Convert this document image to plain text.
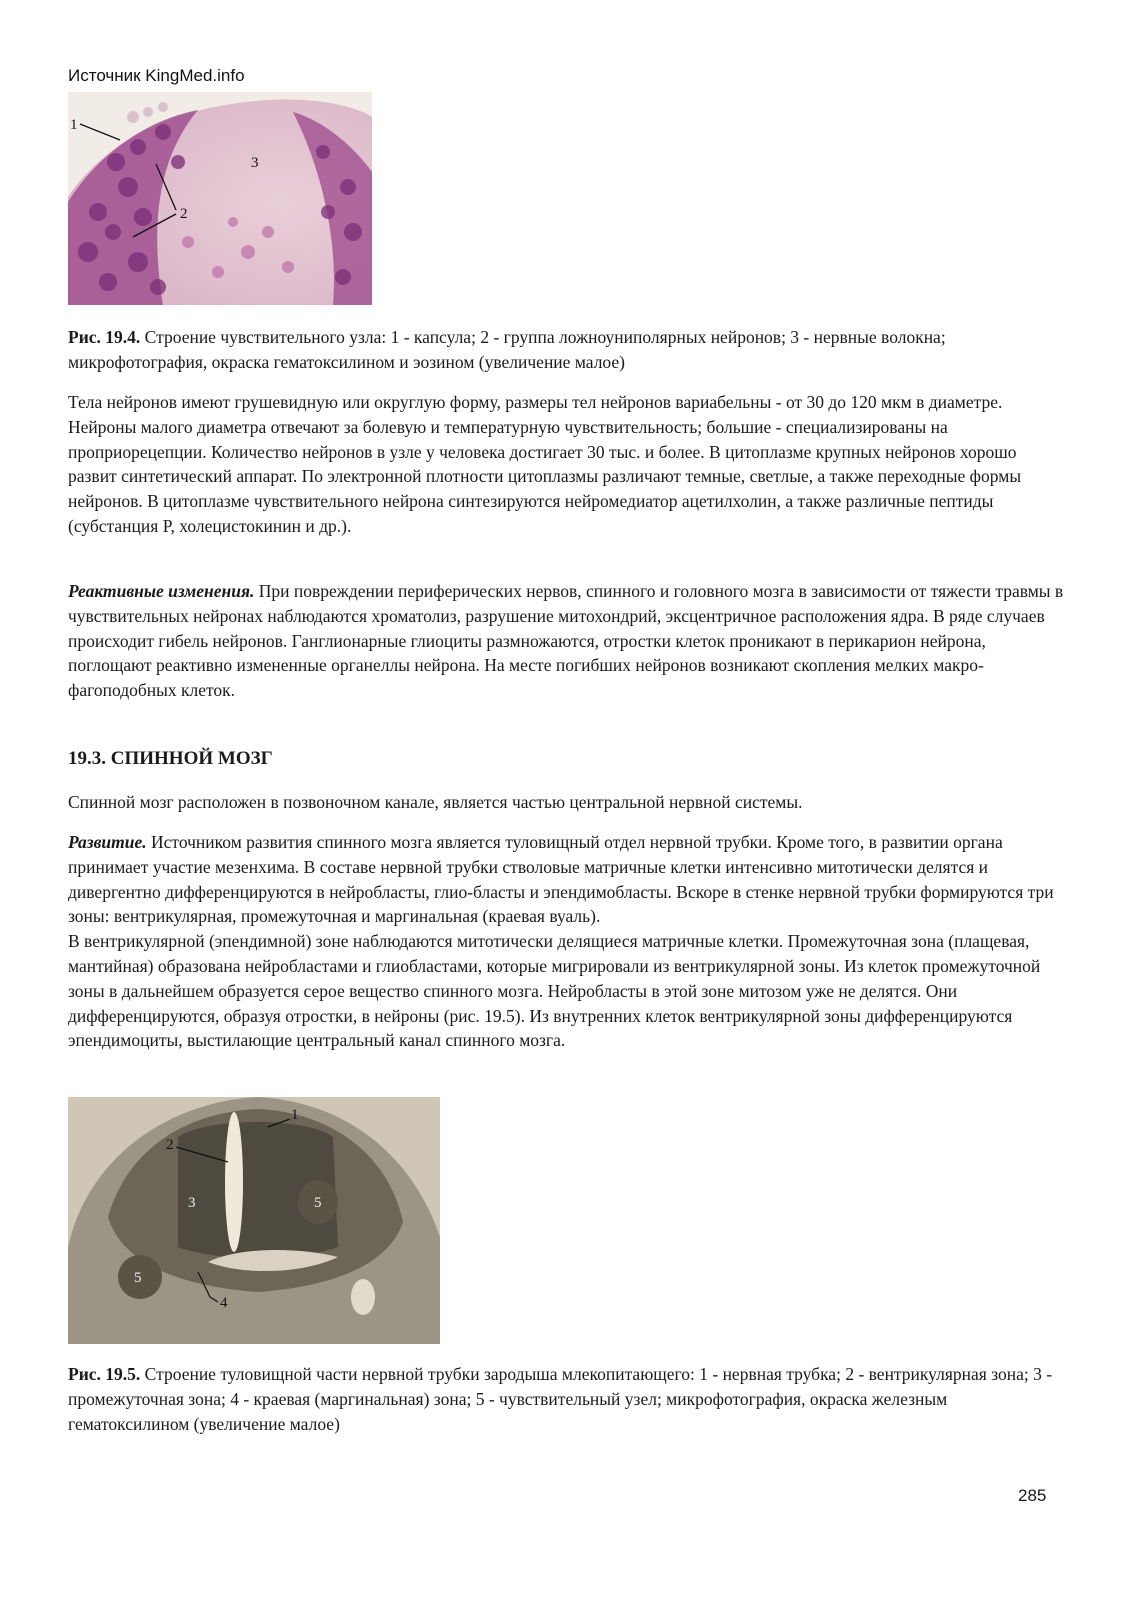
Источник KingMed.info
1
2
3

Рис. 19.4. Строение чувствительного узла: 1 - капсула; 2 - группа ложноуниполярных нейронов; 3 - нервные волокна; микрофотография, окраска гематоксилином и эозином (увеличение малое)

Тела нейронов имеют грушевидную или округлую форму, размеры тел нейронов вариабельны - от 30 до 120 мкм в диаметре. Нейроны малого диаметра отвечают за болевую и температурную чувствительность; большие - специализированы на проприорецепции. Количество нейронов в узле у человека достигает 30 тыс. и более. В цитоплазме крупных нейронов хорошо развит синтетический аппарат. По электронной плотности цитоплазмы различают темные, светлые, а также переходные формы нейронов. В цитоплазме чувствительного нейрона синтезируются нейромедиатор ацетилхолин, а также различные пептиды (субстанция P, холецистокинин и др.).

Реактивные изменения. При повреждении периферических нервов, спинного и головного мозга в зависимости от тяжести травмы в чувствительных нейронах наблюдаются хроматолиз, разрушение митохондрий, эксцентричное расположения ядра. В ряде случаев происходит гибель нейронов. Ганглионарные глиоциты размножаются, отростки клеток проникают в перикарион нейрона, поглощают реактивно измененные органеллы нейрона. На месте погибших нейронов возникают скопления мелких макро-фагоподобных клеток.

19.3. СПИННОЙ МОЗГ

Спинной мозг расположен в позвоночном канале, является частью центральной нервной системы.

Развитие. Источником развития спинного мозга является туловищный отдел нервной трубки. Кроме того, в развитии органа принимает участие мезенхима. В составе нервной трубки стволовые матричные клетки интенсивно митотически делятся и дивергентно дифференцируются в нейробласты, глио-бласты и эпендимобласты. Вскоре в стенке нервной трубки формируются три зоны: вентрикулярная, промежуточная и маргинальная (краевая вуаль).

В вентрикулярной (эпендимной) зоне наблюдаются митотически делящиеся матричные клетки. Промежуточная зона (плащевая, мантийная) образована нейробластами и глиобластами, которые мигрировали из вентрикулярной зоны. Из клеток промежуточной зоны в дальнейшем образуется серое вещество спинного мозга. Нейробласты в этой зоне митозом уже не делятся. Они дифференцируются, образуя отростки, в нейроны (рис. 19.5). Из внутренних клеток вентрикулярной зоны дифференцируются эпендимоциты, выстилающие центральный канал спинного мозга.

1
2
3
4
5
5

Рис. 19.5. Строение туловищной части нервной трубки зародыша млекопитающего: 1 - нервная трубка; 2 - вентрикулярная зона; 3 - промежуточная зона; 4 - краевая (маргинальная) зона; 5 - чувствительный узел; микрофотография, окраска железным гематоксилином (увеличение малое)

285
